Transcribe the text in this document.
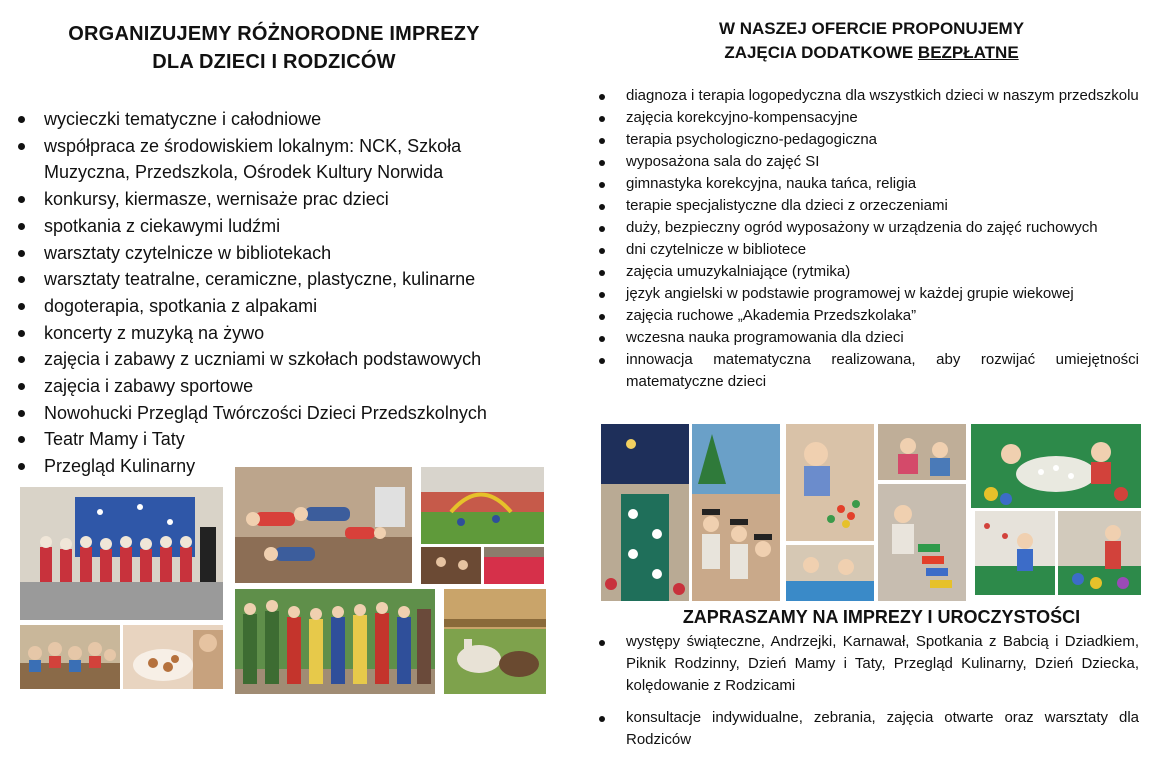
ORGANIZUJEMY RÓŻNORODNE IMPREZY
DLA DZIECI I RODZICÓW
wycieczki tematyczne i całodniowe
współpraca ze środowiskiem lokalnym: NCK, Szkoła Muzyczna, Przedszkola, Ośrodek Kultury Norwida
konkursy, kiermasze, wernisaże prac dzieci
spotkania z ciekawymi ludźmi
warsztaty czytelnicze w bibliotekach
warsztaty teatralne, ceramiczne, plastyczne, kulinarne
dogoterapia, spotkania z alpakami
koncerty z muzyką na żywo
zajęcia i zabawy z uczniami w szkołach podstawowych
zajęcia i zabawy sportowe
Nowohucki Przegląd Twórczości Dzieci Przedszkolnych
Teatr Mamy i Taty
Przegląd Kulinarny
W NASZEJ OFERCIE PROPONUJEMY
ZAJĘCIA DODATKOWE BEZPŁATNE
diagnoza i terapia logopedyczna dla wszystkich dzieci w naszym przedszkolu
zajęcia korekcyjno-kompensacyjne
terapia psychologiczno-pedagogiczna
wyposażona sala do zajęć SI
gimnastyka korekcyjna, nauka tańca, religia
terapie specjalistyczne dla dzieci z orzeczeniami
duży, bezpieczny ogród wyposażony w urządzenia do zajęć ruchowych
dni czytelnicze w bibliotece
zajęcia umuzykalniające (rytmika)
język angielski w podstawie programowej w każdej grupie wiekowej
zajęcia ruchowe „Akademia Przedszkolaka”
wczesna nauka programowania dla dzieci
innowacja matematyczna realizowana, aby rozwijać umiejętności matematyczne dzieci
ZAPRASZAMY NA IMPREZY I UROCZYSTOŚCI
występy świąteczne, Andrzejki, Karnawał, Spotkania z Babcią i Dziadkiem, Piknik Rodzinny, Dzień Mamy i Taty, Przegląd Kulinarny, Dzień Dziecka, kolędowanie z Rodzicami
konsultacje indywidualne, zebrania, zajęcia otwarte oraz warsztaty dla Rodziców
